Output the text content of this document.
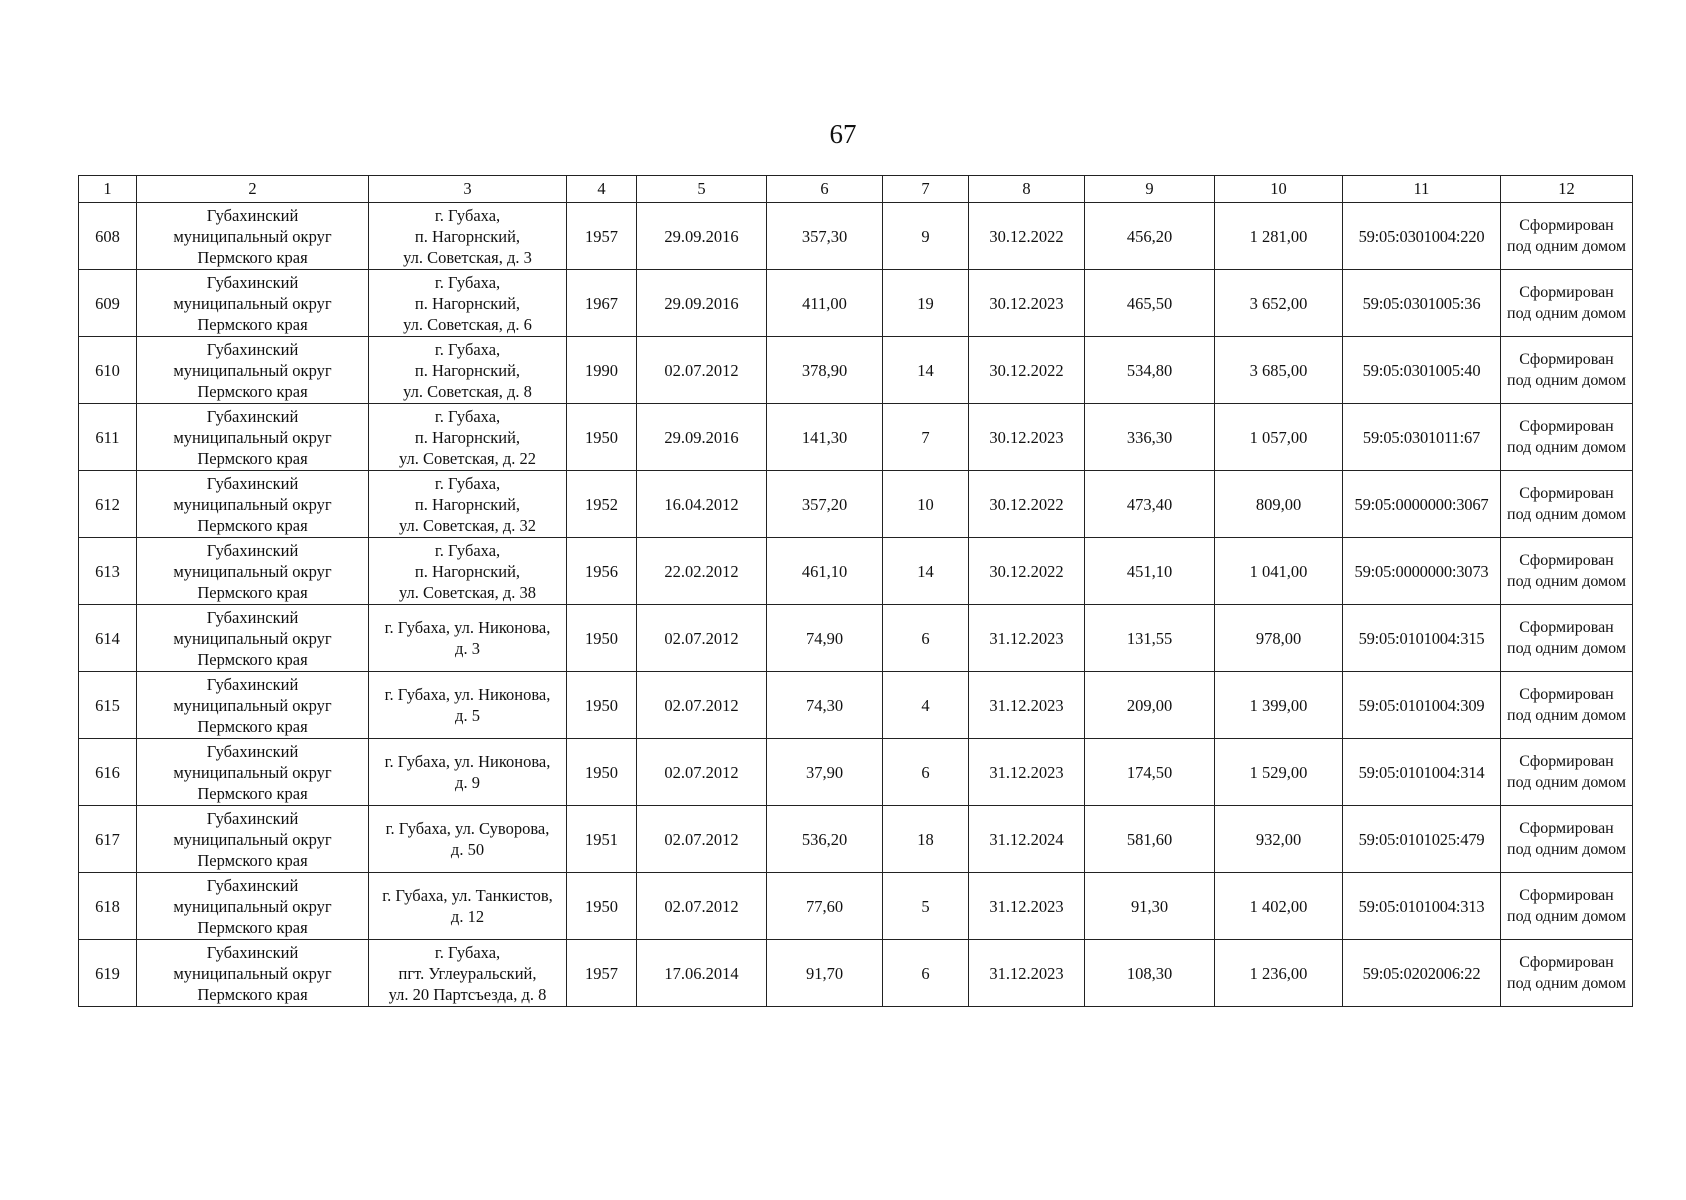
67
1	2	3	4	5	6	7	8	9	10	11	12
608	Губахинский
муниципальный округ
Пермского края	г. Губаха,
п. Нагорнский,
ул. Советская, д. 3	1957	29.09.2016	357,30	9	30.12.2022	456,20	1 281,00	59:05:0301004:220	Сформирован
под одним домом
609	Губахинский
муниципальный округ
Пермского края	г. Губаха,
п. Нагорнский,
ул. Советская, д. 6	1967	29.09.2016	411,00	19	30.12.2023	465,50	3 652,00	59:05:0301005:36	Сформирован
под одним домом
610	Губахинский
муниципальный округ
Пермского края	г. Губаха,
п. Нагорнский,
ул. Советская, д. 8	1990	02.07.2012	378,90	14	30.12.2022	534,80	3 685,00	59:05:0301005:40	Сформирован
под одним домом
611	Губахинский
муниципальный округ
Пермского края	г. Губаха,
п. Нагорнский,
ул. Советская, д. 22	1950	29.09.2016	141,30	7	30.12.2023	336,30	1 057,00	59:05:0301011:67	Сформирован
под одним домом
612	Губахинский
муниципальный округ
Пермского края	г. Губаха,
п. Нагорнский,
ул. Советская, д. 32	1952	16.04.2012	357,20	10	30.12.2022	473,40	809,00	59:05:0000000:3067	Сформирован
под одним домом
613	Губахинский
муниципальный округ
Пермского края	г. Губаха,
п. Нагорнский,
ул. Советская, д. 38	1956	22.02.2012	461,10	14	30.12.2022	451,10	1 041,00	59:05:0000000:3073	Сформирован
под одним домом
614	Губахинский
муниципальный округ
Пермского края	г. Губаха, ул. Никонова,
д. 3	1950	02.07.2012	74,90	6	31.12.2023	131,55	978,00	59:05:0101004:315	Сформирован
под одним домом
615	Губахинский
муниципальный округ
Пермского края	г. Губаха, ул. Никонова,
д. 5	1950	02.07.2012	74,30	4	31.12.2023	209,00	1 399,00	59:05:0101004:309	Сформирован
под одним домом
616	Губахинский
муниципальный округ
Пермского края	г. Губаха, ул. Никонова,
д. 9	1950	02.07.2012	37,90	6	31.12.2023	174,50	1 529,00	59:05:0101004:314	Сформирован
под одним домом
617	Губахинский
муниципальный округ
Пермского края	г. Губаха, ул. Суворова,
д. 50	1951	02.07.2012	536,20	18	31.12.2024	581,60	932,00	59:05:0101025:479	Сформирован
под одним домом
618	Губахинский
муниципальный округ
Пермского края	г. Губаха, ул. Танкистов,
д. 12	1950	02.07.2012	77,60	5	31.12.2023	91,30	1 402,00	59:05:0101004:313	Сформирован
под одним домом
619	Губахинский
муниципальный округ
Пермского края	г. Губаха,
пгт. Углеуральский,
ул. 20 Партсъезда, д. 8	1957	17.06.2014	91,70	6	31.12.2023	108,30	1 236,00	59:05:0202006:22	Сформирован
под одним домом
